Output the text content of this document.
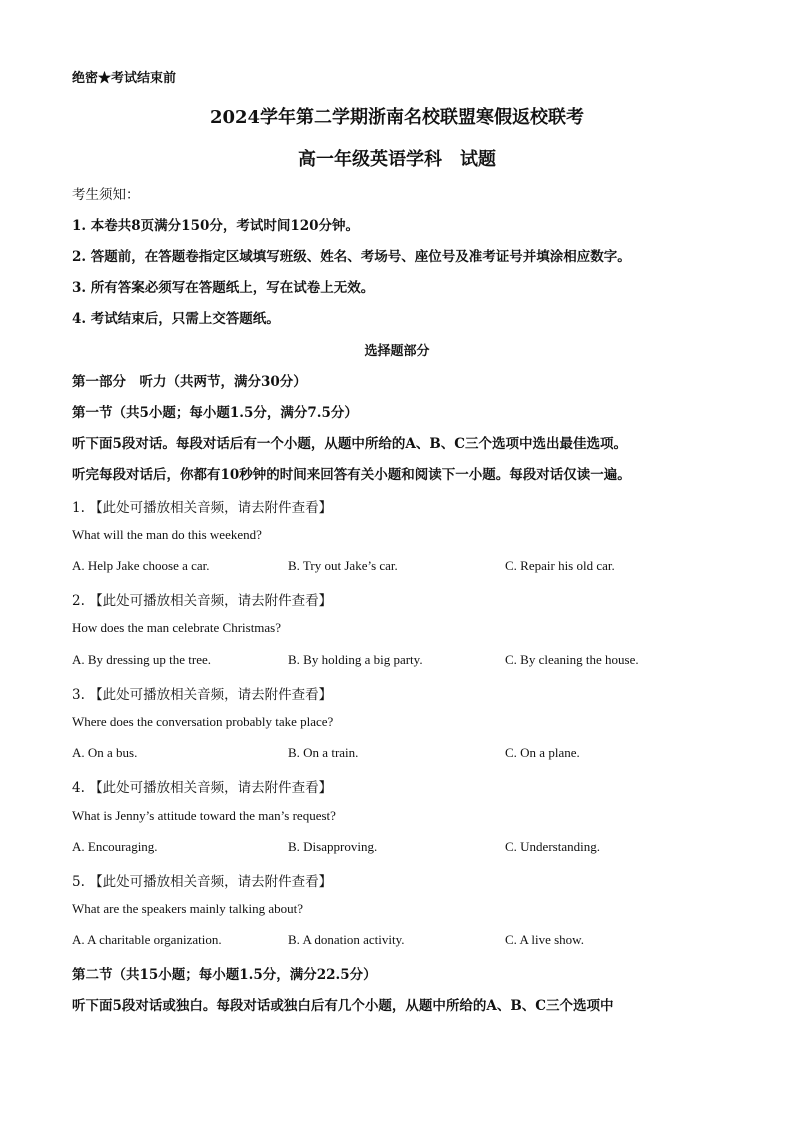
绝密★考试结束前
2024学年第二学期浙南名校联盟寒假返校联考
高一年级英语学科　试题
考生须知：
1. 本卷共8页满分150分，考试时间120分钟。
2. 答题前，在答题卷指定区域填写班级、姓名、考场号、座位号及准考证号并填涂相应数字。
3. 所有答案必须写在答题纸上，写在试卷上无效。
4. 考试结束后，只需上交答题纸。
选择题部分
第一部分　听力（共两节，满分30分）
第一节（共5小题；每小题1.5分，满分7.5分）
听下面5段对话。每段对话后有一个小题，从题中所给的A、B、C三个选项中选出最佳选项。
听完每段对话后，你都有10秒钟的时间来回答有关小题和阅读下一小题。每段对话仅读一遍。
1. 【此处可播放相关音频，请去附件查看】
What will the man do this weekend?
A. Help Jake choose a car.	B. Try out Jake’s car.	C. Repair his old car.
2. 【此处可播放相关音频，请去附件查看】
How does the man celebrate Christmas?
A. By dressing up the tree.	B. By holding a big party.	C. By cleaning the house.
3. 【此处可播放相关音频，请去附件查看】
Where does the conversation probably take place?
A. On a bus.	B. On a train.	C. On a plane.
4. 【此处可播放相关音频，请去附件查看】
What is Jenny’s attitude toward the man’s request?
A. Encouraging.	B. Disapproving.	C. Understanding.
5. 【此处可播放相关音频，请去附件查看】
What are the speakers mainly talking about?
A. A charitable organization.	B. A donation activity.	C. A live show.
第二节（共15小题；每小题1.5分，满分22.5分）
听下面5段对话或独白。每段对话或独白后有几个小题，从题中所给的A、B、C三个选项中
